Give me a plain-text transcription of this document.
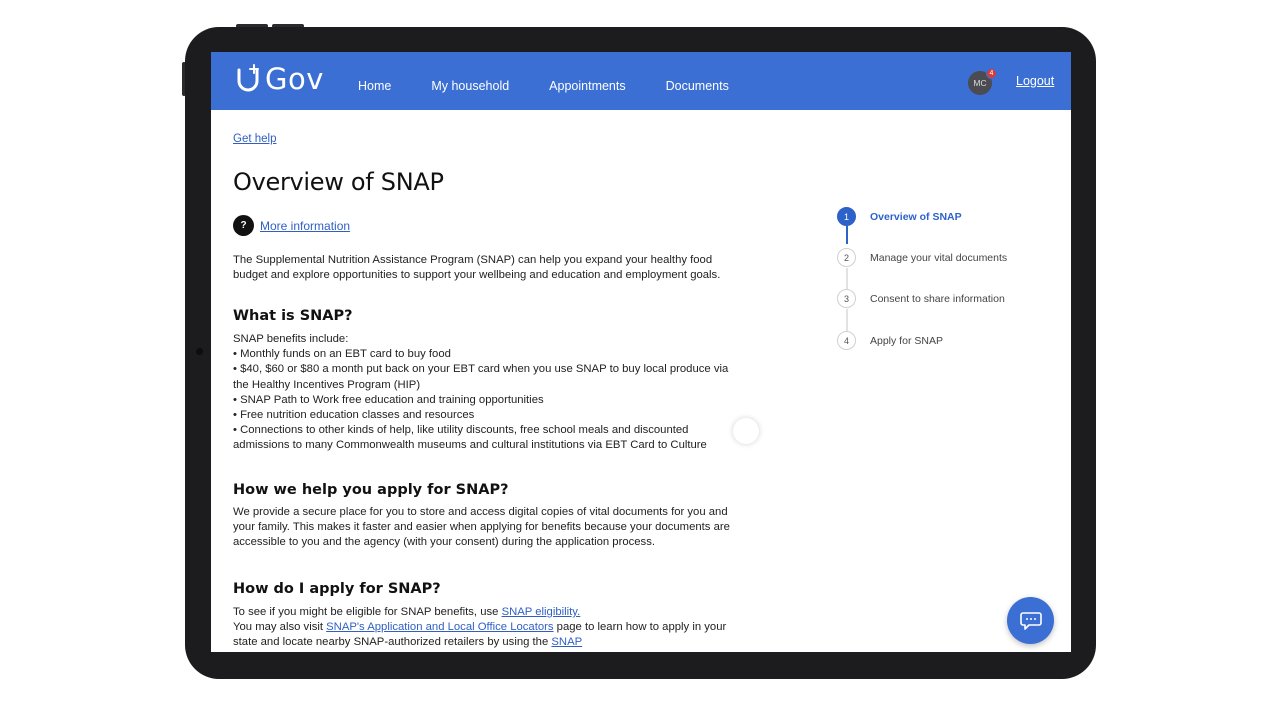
Gov	Home	My household	Appointments	Documents	MC
4
Logout
Get help
Overview of SNAP
?	More information

The Supplemental Nutrition Assistance Program (SNAP) can help you expand your healthy food budget and explore opportunities to support your wellbeing and education and employment goals.

What is SNAP?
SNAP benefits include:
• Monthly funds on an EBT card to buy food
• $40, $60 or $80 a month put back on your EBT card when you use SNAP to buy local produce via the Healthy Incentives Program (HIP)
• SNAP Path to Work free education and training opportunities
• Free nutrition education classes and resources
• Connections to other kinds of help, like utility discounts, free school meals and discounted admissions to many Commonwealth museums and cultural institutions via EBT Card to Culture
How we help you apply for SNAP?

We provide a secure place for you to store and access digital copies of vital documents for you and your family. This makes it faster and easier when applying for benefits because your documents are accessible to you and the agency (with your consent) during the application process.

How do I apply for SNAP?
To see if you might be eligible for SNAP benefits, use SNAP eligibility.
You may also visit SNAP's Application and Local Office Locators page to learn how to apply in your state and locate nearby SNAP-authorized retailers by using the SNAP
1	Overview of SNAP
2	Manage your vital documents
3	Consent to share information
4	Apply for SNAP
